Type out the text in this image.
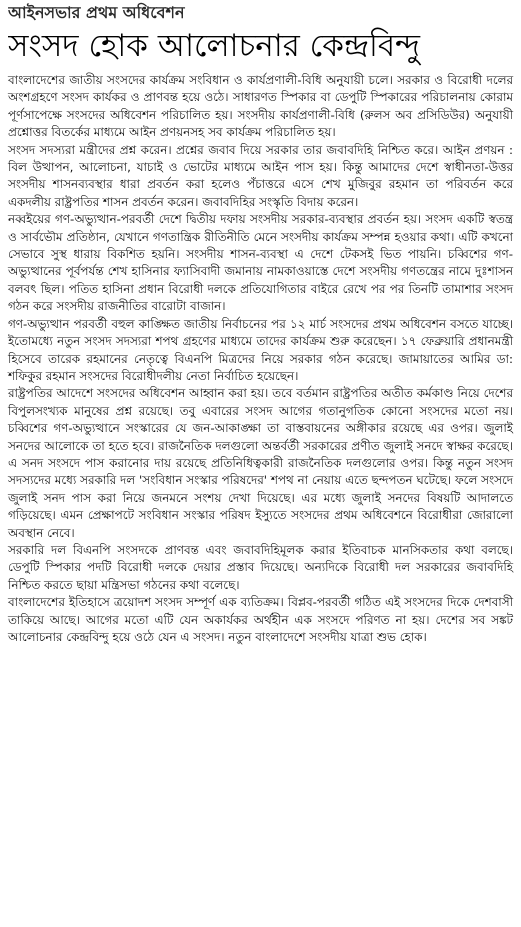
আইনসভার প্রথম অধিবেশন
সংসদ হোক আলোচনার কেন্দ্রবিন্দু

বাংলাদেশের জাতীয় সংসদের কার্যক্রম সংবিধান ও কার্যপ্রণালী-বিধি অনুযায়ী চলে। সরকার ও বিরোধী দলের অংশগ্রহণে সংসদ কার্যকর ও প্রাণবন্ত হয়ে ওঠে। সাধারণত স্পিকার বা ডেপুটি স্পিকারের পরিচালনায় কোরাম পূর্ণসাপেক্ষে সংসদের অধিবেশন পরিচালিত হয়। সংসদীয় কার্যপ্রণালী-বিধি (রুলস অব প্রসিডিউর) অনুযায়ী প্রশ্নোত্তর বিতর্কের মাধ্যমে আইন প্রণয়নসহ সব কার্যক্রম পরিচালিত হয়।

সংসদ সদস্যরা মন্ত্রীদের প্রশ্ন করেন। প্রশ্নের জবাব দিয়ে সরকার তার জবাবদিহি নিশ্চিত করে। আইন প্রণয়ন : বিল উত্থাপন, আলোচনা, যাচাই ও ভোটের মাধ্যমে আইন পাস হয়। কিন্তু আমাদের দেশে স্বাধীনতা-উত্তর সংসদীয় শাসনব্যবস্থার ধারা প্রবর্তন করা হলেও পঁচাত্তরে এসে শেখ মুজিবুর রহমান তা পরিবর্তন করে একদলীয় রাষ্ট্রপতির শাসন প্রবর্তন করেন। জবাবদিহির সংস্কৃতি বিদায় করেন।

নব্বইয়ের গণ-অভ্যুত্থান-পরবর্তী দেশে দ্বিতীয় দফায় সংসদীয় সরকার-ব্যবস্থার প্রবর্তন হয়। সংসদ একটি স্বতন্ত্র ও সার্বভৌম প্রতিষ্ঠান, যেখানে গণতান্ত্রিক রীতিনীতি মেনে সংসদীয় কার্যক্রম সম্পন্ন হওয়ার কথা। এটি কখনো সেভাবে সুস্থ ধারায় বিকশিত হয়নি। সংসদীয় শাসন-ব্যবস্থা এ দেশে টেকসই ভিত পায়নি। চব্বিশের গণ-অভ্যুত্থানের পূর্বপর্যন্ত শেখ হাসিনার ফ্যাসিবাদী জমানায় নামকাওয়াস্তে দেশে সংসদীয় গণতন্ত্রের নামে দুঃশাসন বলবৎ ছিল। পতিত হাসিনা প্রধান বিরোধী দলকে প্রতিযোগিতার বাইরে রেখে পর পর তিনটি তামাশার সংসদ গঠন করে সংসদীয় রাজনীতির বারোটা বাজান।

গণ-অভ্যুত্থান পরবর্তী বহুল কাঙ্ক্ষিত জাতীয় নির্বাচনের পর ১২ মার্চ সংসদের প্রথম অধিবেশন বসতে যাচ্ছে। ইতোমধ্যে নতুন সংসদ সদস্যরা শপথ গ্রহণের মাধ্যমে তাদের কার্যক্রম শুরু করেছেন। ১৭ ফেব্রুয়ারি প্রধানমন্ত্রী হিসেবে তারেক রহমানের নেতৃত্বে বিএনপি মিত্রদের নিয়ে সরকার গঠন করেছে। জামায়াতের আমির ডা: শফিকুর রহমান সংসদের বিরোধীদলীয় নেতা নির্বাচিত হয়েছেন।

রাষ্ট্রপতির আদেশে সংসদের অধিবেশন আহ্বান করা হয়। তবে বর্তমান রাষ্ট্রপতির অতীত কর্মকাণ্ড নিয়ে দেশের বিপুলসংখ্যক মানুষের প্রশ্ন রয়েছে। তবু এবারের সংসদ আগের গতানুগতিক কোনো সংসদের মতো নয়। চব্বিশের গণ-অভ্যুত্থানে সংস্কারের যে জন-আকাঙ্ক্ষা তা বাস্তবায়নের অঙ্গীকার রয়েছে এর ওপর। জুলাই সনদের আলোকে তা হতে হবে। রাজনৈতিক দলগুলো অন্তর্বর্তী সরকারের প্রণীত জুলাই সনদে স্বাক্ষর করেছে। এ সনদ সংসদে পাস করানোর দায় রয়েছে প্রতিনিধিত্বকারী রাজনৈতিক দলগুলোর ওপর। কিন্তু নতুন সংসদ সদস্যদের মধ্যে সরকারি দল 'সংবিধান সংস্কার পরিষদের' শপথ না নেয়ায় এতে ছন্দপতন ঘটেছে। ফলে সংসদে জুলাই সনদ পাস করা নিয়ে জনমনে সংশয় দেখা দিয়েছে। এর মধ্যে জুলাই সনদের বিষয়টি আদালতে গড়িয়েছে। এমন প্রেক্ষাপটে সংবিধান সংস্কার পরিষদ ইস্যুতে সংসদের প্রথম অধিবেশনে বিরোধীরা জোরালো অবস্থান নেবে।

সরকারি দল বিএনপি সংসদকে প্রাণবন্ত এবং জবাবদিহিমূলক করার ইতিবাচক মানসিকতার কথা বলছে। ডেপুটি স্পিকার পদটি বিরোধী দলকে দেয়ার প্রস্তাব দিয়েছে। অন্যদিকে বিরোধী দল সরকারের জবাবদিহি নিশ্চিত করতে ছায়া মন্ত্রিসভা গঠনের কথা বলেছে।

বাংলাদেশের ইতিহাসে ত্রয়োদশ সংসদ সম্পূর্ণ এক ব্যতিক্রম। বিপ্লব-পরবর্তী গঠিত এই সংসদের দিকে দেশবাসী তাকিয়ে আছে। আগের মতো এটি যেন অকার্যকর অর্থহীন এক সংসদে পরিণত না হয়। দেশের সব সঙ্কট আলোচনার কেন্দ্রবিন্দু হয়ে ওঠে যেন এ সংসদ। নতুন বাংলাদেশে সংসদীয় যাত্রা শুভ হোক।
